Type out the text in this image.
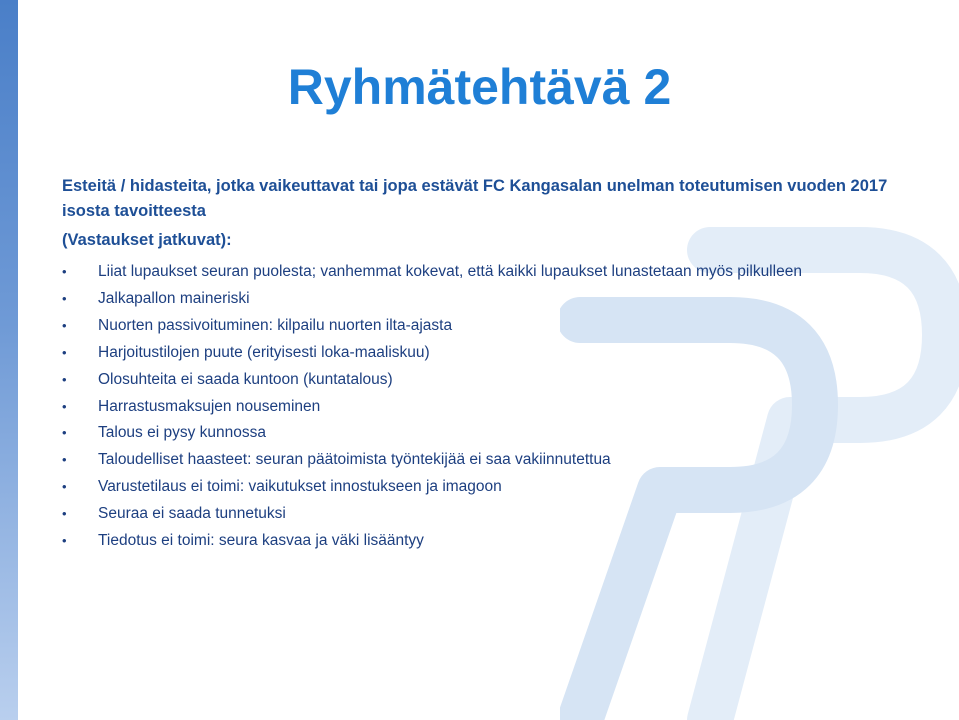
Ryhmätehtävä 2

Esteitä / hidasteita, jotka vaikeuttavat tai jopa estävät FC Kangasalan unelman toteutumisen vuoden 2017 isosta tavoitteesta

(Vastaukset jatkuvat):

• Liiat lupaukset seuran puolesta; vanhemmat kokevat, että kaikki lupaukset lunastetaan myös pilkulleen
• Jalkapallon maineriski
• Nuorten passivoituminen: kilpailu nuorten ilta-ajasta
• Harjoitustilojen puute (erityisesti loka-maaliskuu)
• Olosuhteita ei saada kuntoon (kuntatalous)
• Harrastusmaksujen nouseminen
• Talous ei pysy kunnossa
• Taloudelliset haasteet: seuran päätoimista työntekijää ei saa vakiinnutettua
• Varustetilaus ei toimi: vaikutukset innostukseen ja imagoon
• Seuraa ei saada tunnetuksi
• Tiedotus ei toimi: seura kasvaa ja väki lisääntyy
